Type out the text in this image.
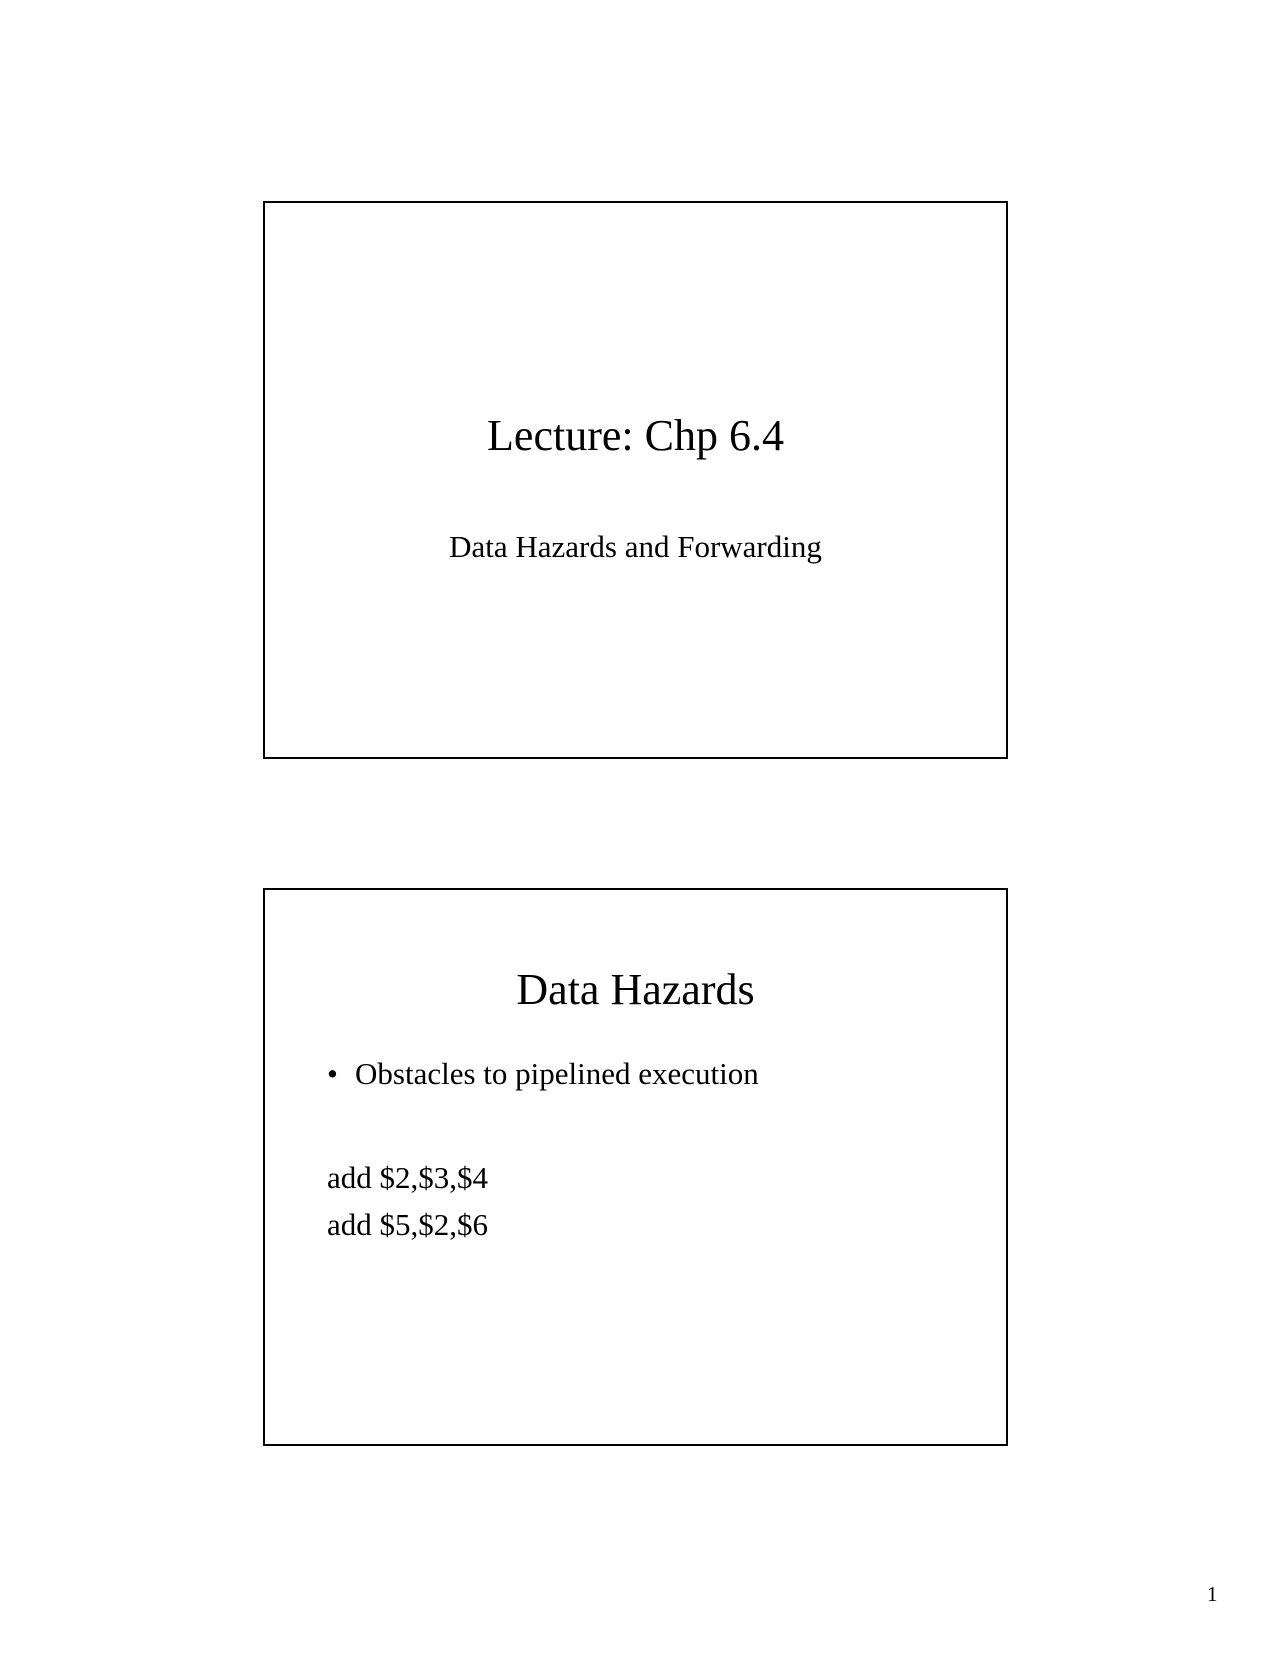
Lecture: Chp 6.4
Data Hazards and Forwarding
Data Hazards
• Obstacles to pipelined execution
add $2,$3,$4
add $5,$2,$6
1
